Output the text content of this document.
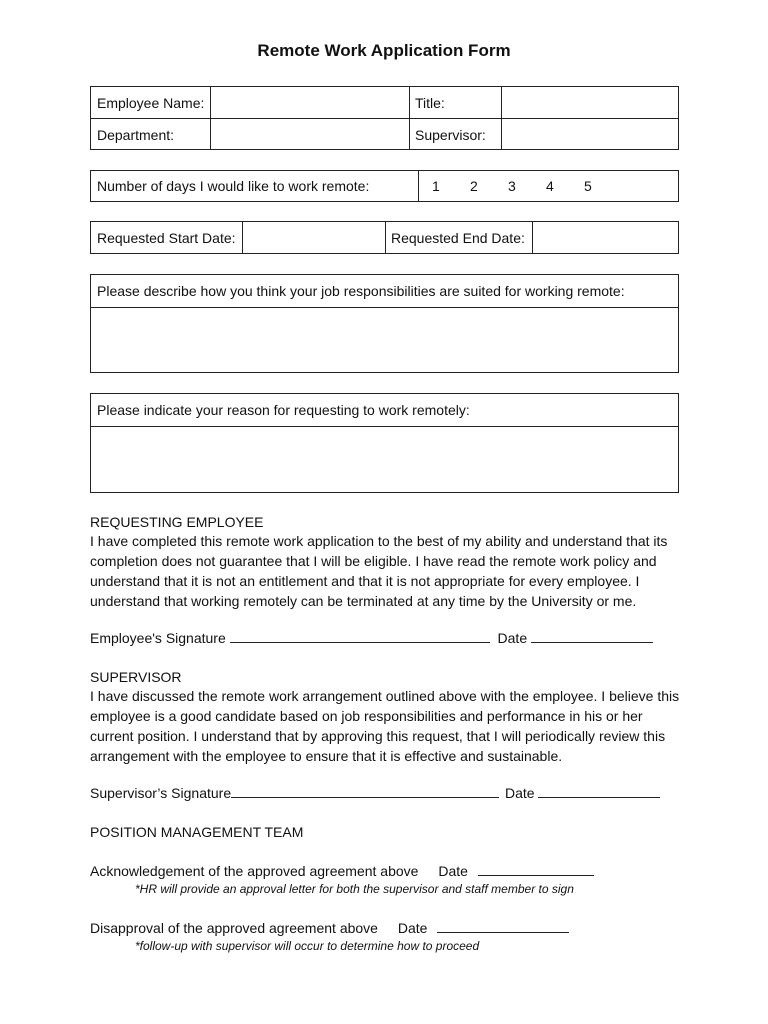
Remote Work Application Form
Employee Name:	Title:
Department:	Supervisor:
Number of days I would like to work remote:	1	2	3	4	5
Requested Start Date:	Requested End Date:
Please describe how you think your job responsibilities are suited for working remote:
Please indicate your reason for requesting to work remotely:
REQUESTING EMPLOYEE
I have completed this remote work application to the best of my ability and understand that its completion does not guarantee that I will be eligible. I have read the remote work policy and understand that it is not an entitlement and that it is not appropriate for every employee. I understand that working remotely can be terminated at any time by the University or me.
Employee's Signature	Date
SUPERVISOR
I have discussed the remote work arrangement outlined above with the employee. I believe this employee is a good candidate based on job responsibilities and performance in his or her current position. I understand that by approving this request, that I will periodically review this arrangement with the employee to ensure that it is effective and sustainable.
Supervisor’s Signature	Date
POSITION MANAGEMENT TEAM
Acknowledgement of the approved agreement above Date
*HR will provide an approval letter for both the supervisor and staff member to sign
Disapproval of the approved agreement above Date
*follow-up with supervisor will occur to determine how to proceed
